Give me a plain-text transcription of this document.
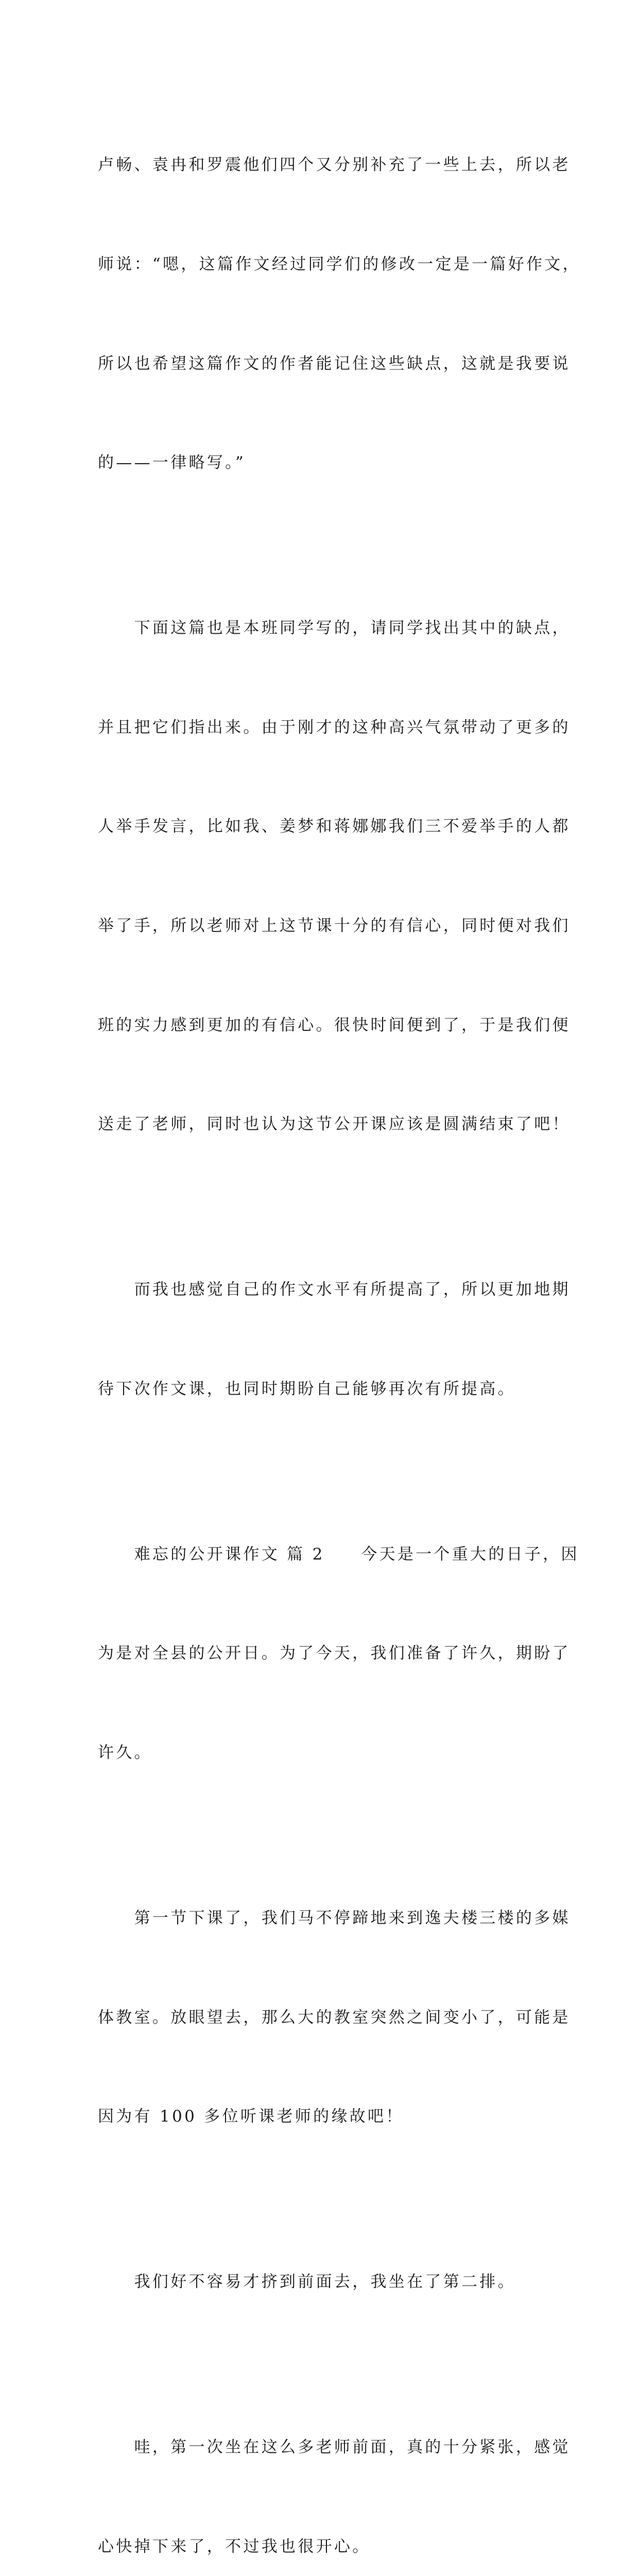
卢畅、袁冉和罗震他们四个又分别补充了一些上去，所以老

师说：“嗯，这篇作文经过同学们的修改一定是一篇好作文，

所以也希望这篇作文的作者能记住这些缺点，这就是我要说

的——一律略写。”

　　下面这篇也是本班同学写的，请同学找出其中的缺点，

并且把它们指出来。由于刚才的这种高兴气氛带动了更多的

人举手发言，比如我、姜梦和蒋娜娜我们三不爱举手的人都

举了手，所以老师对上这节课十分的有信心，同时便对我们

班的实力感到更加的有信心。很快时间便到了，于是我们便

送走了老师，同时也认为这节公开课应该是圆满结束了吧！

　　而我也感觉自己的作文水平有所提高了，所以更加地期

待下次作文课，也同时期盼自己能够再次有所提高。

　　难忘的公开课作文 篇 2　　今天是一个重大的日子，因

为是对全县的公开日。为了今天，我们准备了许久，期盼了

许久。

　　第一节下课了，我们马不停蹄地来到逸夫楼三楼的多媒

体教室。放眼望去，那么大的教室突然之间变小了，可能是

因为有 100 多位听课老师的缘故吧！

　　我们好不容易才挤到前面去，我坐在了第二排。

　　哇，第一次坐在这么多老师前面，真的十分紧张，感觉

心快掉下来了，不过我也很开心。
